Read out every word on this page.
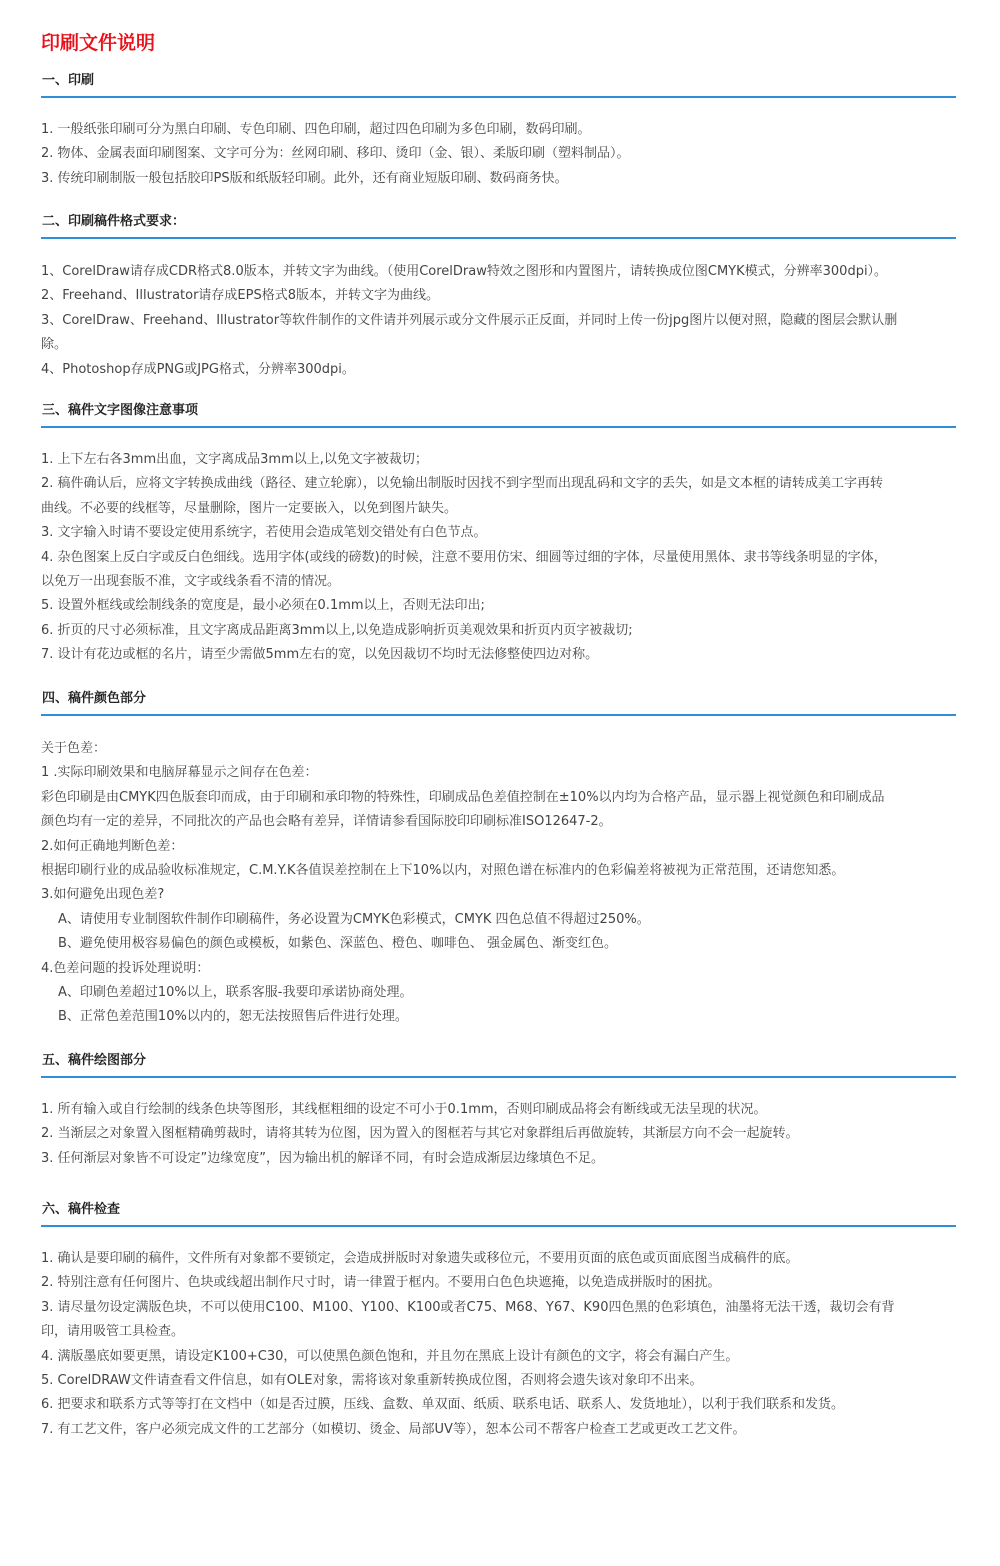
印刷文件说明
一、印刷
1. 一般纸张印刷可分为黑白印刷、专色印刷、四色印刷，超过四色印刷为多色印刷，数码印刷。
2. 物体、金属表面印刷图案、文字可分为：丝网印刷、移印、烫印（金、银）、柔版印刷（塑料制品）。
3. 传统印刷制版一般包括胶印PS版和纸版轻印刷。此外，还有商业短版印刷、数码商务快。
二、印刷稿件格式要求：
1、CorelDraw请存成CDR格式8.0版本，并转文字为曲线。（使用CorelDraw特效之图形和内置图片，请转换成位图CMYK模式，分辨率300dpi）。
2、Freehand、Illustrator请存成EPS格式8版本，并转文字为曲线。
3、CorelDraw、Freehand、Illustrator等软件制作的文件请并列展示或分文件展示正反面，并同时上传一份jpg图片以便对照，隐藏的图层会默认删
除。
4、Photoshop存成PNG或JPG格式，分辨率300dpi。
三、稿件文字图像注意事项
1. 上下左右各3mm出血，文字离成品3mm以上,以免文字被裁切；
2. 稿件确认后，应将文字转换成曲线（路径、建立轮廓），以免输出制版时因找不到字型而出现乱码和文字的丢失，如是文本框的请转成美工字再转
曲线。不必要的线框等，尽量删除，图片一定要嵌入，以免到图片缺失。
3. 文字输入时请不要设定使用系统字，若使用会造成笔划交错处有白色节点。
4. 杂色图案上反白字或反白色细线。选用字体(或线的磅数)的时候，注意不要用仿宋、细圆等过细的字体，尽量使用黑体、隶书等线条明显的字体，
以免万一出现套版不准，文字或线条看不清的情况。
5. 设置外框线或绘制线条的宽度是，最小必须在0.1mm以上，否则无法印出;
6. 折页的尺寸必须标准，且文字离成品距离3mm以上,以免造成影响折页美观效果和折页内页字被裁切;
7. 设计有花边或框的名片，请至少需做5mm左右的宽，以免因裁切不均时无法修整使四边对称。
四、稿件颜色部分
关于色差：
1 .实际印刷效果和电脑屏幕显示之间存在色差：
彩色印刷是由CMYK四色版套印而成，由于印刷和承印物的特殊性，印刷成品色差值控制在±10%以内均为合格产品，显示器上视觉颜色和印刷成品
颜色均有一定的差异，不同批次的产品也会略有差异，详情请参看国际胶印印刷标准ISO12647-2。
2.如何正确地判断色差：
根据印刷行业的成品验收标准规定，C.M.Y.K各值误差控制在上下10%以内，对照色谱在标准内的色彩偏差将被视为正常范围，还请您知悉。
3.如何避免出现色差?
A、请使用专业制图软件制作印刷稿件，务必设置为CMYK色彩模式，CMYK 四色总值不得超过250%。
B、避免使用极容易偏色的颜色或模板，如紫色、深蓝色、橙色、咖啡色、 强金属色、渐变红色。
4.色差问题的投诉处理说明：
A、印刷色差超过10%以上，联系客服-我要印承诺协商处理。
B、正常色差范围10%以内的，恕无法按照售后件进行处理。
五、稿件绘图部分
1. 所有输入或自行绘制的线条色块等图形，其线框粗细的设定不可小于0.1mm，否则印刷成品将会有断线或无法呈现的状况。
2. 当渐层之对象置入图框精确剪裁时，请将其转为位图，因为置入的图框若与其它对象群组后再做旋转，其渐层方向不会一起旋转。
3. 任何渐层对象皆不可设定”边缘宽度”，因为输出机的解译不同，有时会造成渐层边缘填色不足。
六、稿件检查
1. 确认是要印刷的稿件，文件所有对象都不要锁定，会造成拼版时对象遗失或移位元，不要用页面的底色或页面底图当成稿件的底。
2. 特别注意有任何图片、色块或线超出制作尺寸时，请一律置于框内。不要用白色色块遮掩，以免造成拼版时的困扰。
3. 请尽量勿设定满版色块，不可以使用C100、M100、Y100、K100或者C75、M68、Y67、K90四色黑的色彩填色，油墨将无法干透，裁切会有背
印，请用吸管工具检查。
4. 满版墨底如要更黑，请设定K100+C30，可以使黑色颜色饱和，并且勿在黑底上设计有颜色的文字，将会有漏白产生。
5. CorelDRAW文件请查看文件信息，如有OLE对象，需将该对象重新转换成位图，否则将会遗失该对象印不出来。
6. 把要求和联系方式等等打在文档中（如是否过膜，压线、盒数、单双面、纸质、联系电话、联系人、发货地址），以利于我们联系和发货。
7. 有工艺文件，客户必须完成文件的工艺部分（如模切、烫金、局部UV等），恕本公司不帮客户检查工艺或更改工艺文件。
